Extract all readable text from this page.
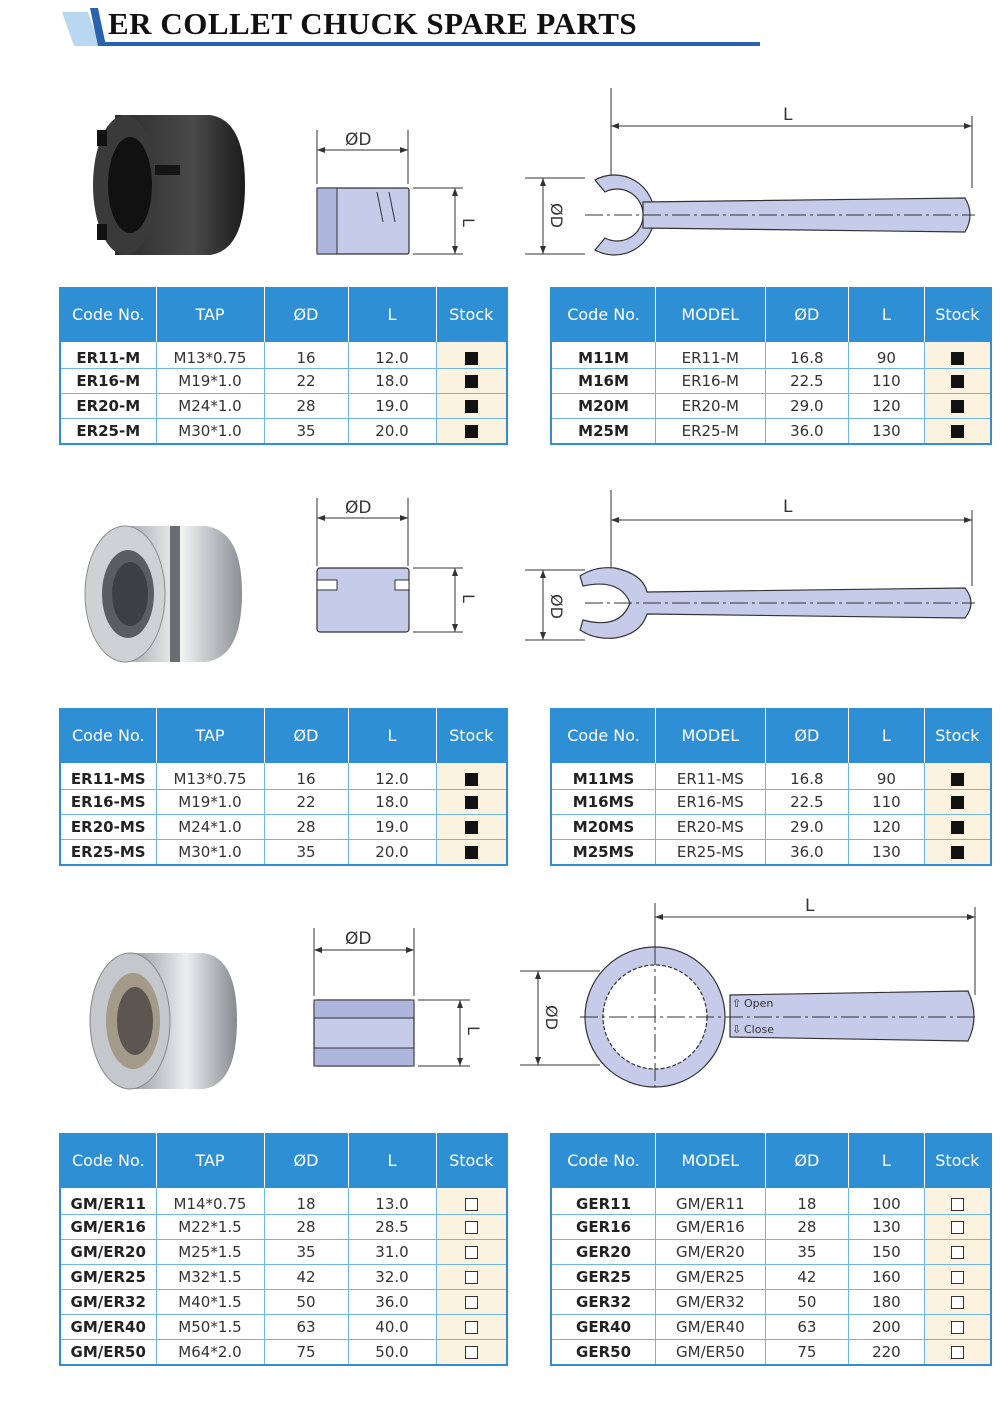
ER COLLET CHUCK SPARE PARTS
ØD
L
L
ØD
ØD
L
L
ØD
ØD
L
L
ØD
⇧ Open
⇩ Close
Code No.	TAP	ØD	L	Stock
ER11-M	M13*0.75	16	12.0	
ER16-M	M19*1.0	22	18.0	
ER20-M	M24*1.0	28	19.0	
ER25-M	M30*1.0	35	20.0	
Code No.	MODEL	ØD	L	Stock
M11M	ER11-M	16.8	90	
M16M	ER16-M	22.5	110	
M20M	ER20-M	29.0	120	
M25M	ER25-M	36.0	130	
Code No.	TAP	ØD	L	Stock
ER11-MS	M13*0.75	16	12.0	
ER16-MS	M19*1.0	22	18.0	
ER20-MS	M24*1.0	28	19.0	
ER25-MS	M30*1.0	35	20.0	
Code No.	MODEL	ØD	L	Stock
M11MS	ER11-MS	16.8	90	
M16MS	ER16-MS	22.5	110	
M20MS	ER20-MS	29.0	120	
M25MS	ER25-MS	36.0	130	
Code No.	TAP	ØD	L	Stock
GM/ER11	M14*0.75	18	13.0	
GM/ER16	M22*1.5	28	28.5	
GM/ER20	M25*1.5	35	31.0	
GM/ER25	M32*1.5	42	32.0	
GM/ER32	M40*1.5	50	36.0	
GM/ER40	M50*1.5	63	40.0	
GM/ER50	M64*2.0	75	50.0	
Code No.	MODEL	ØD	L	Stock
GER11	GM/ER11	18	100	
GER16	GM/ER16	28	130	
GER20	GM/ER20	35	150	
GER25	GM/ER25	42	160	
GER32	GM/ER32	50	180	
GER40	GM/ER40	63	200	
GER50	GM/ER50	75	220	
